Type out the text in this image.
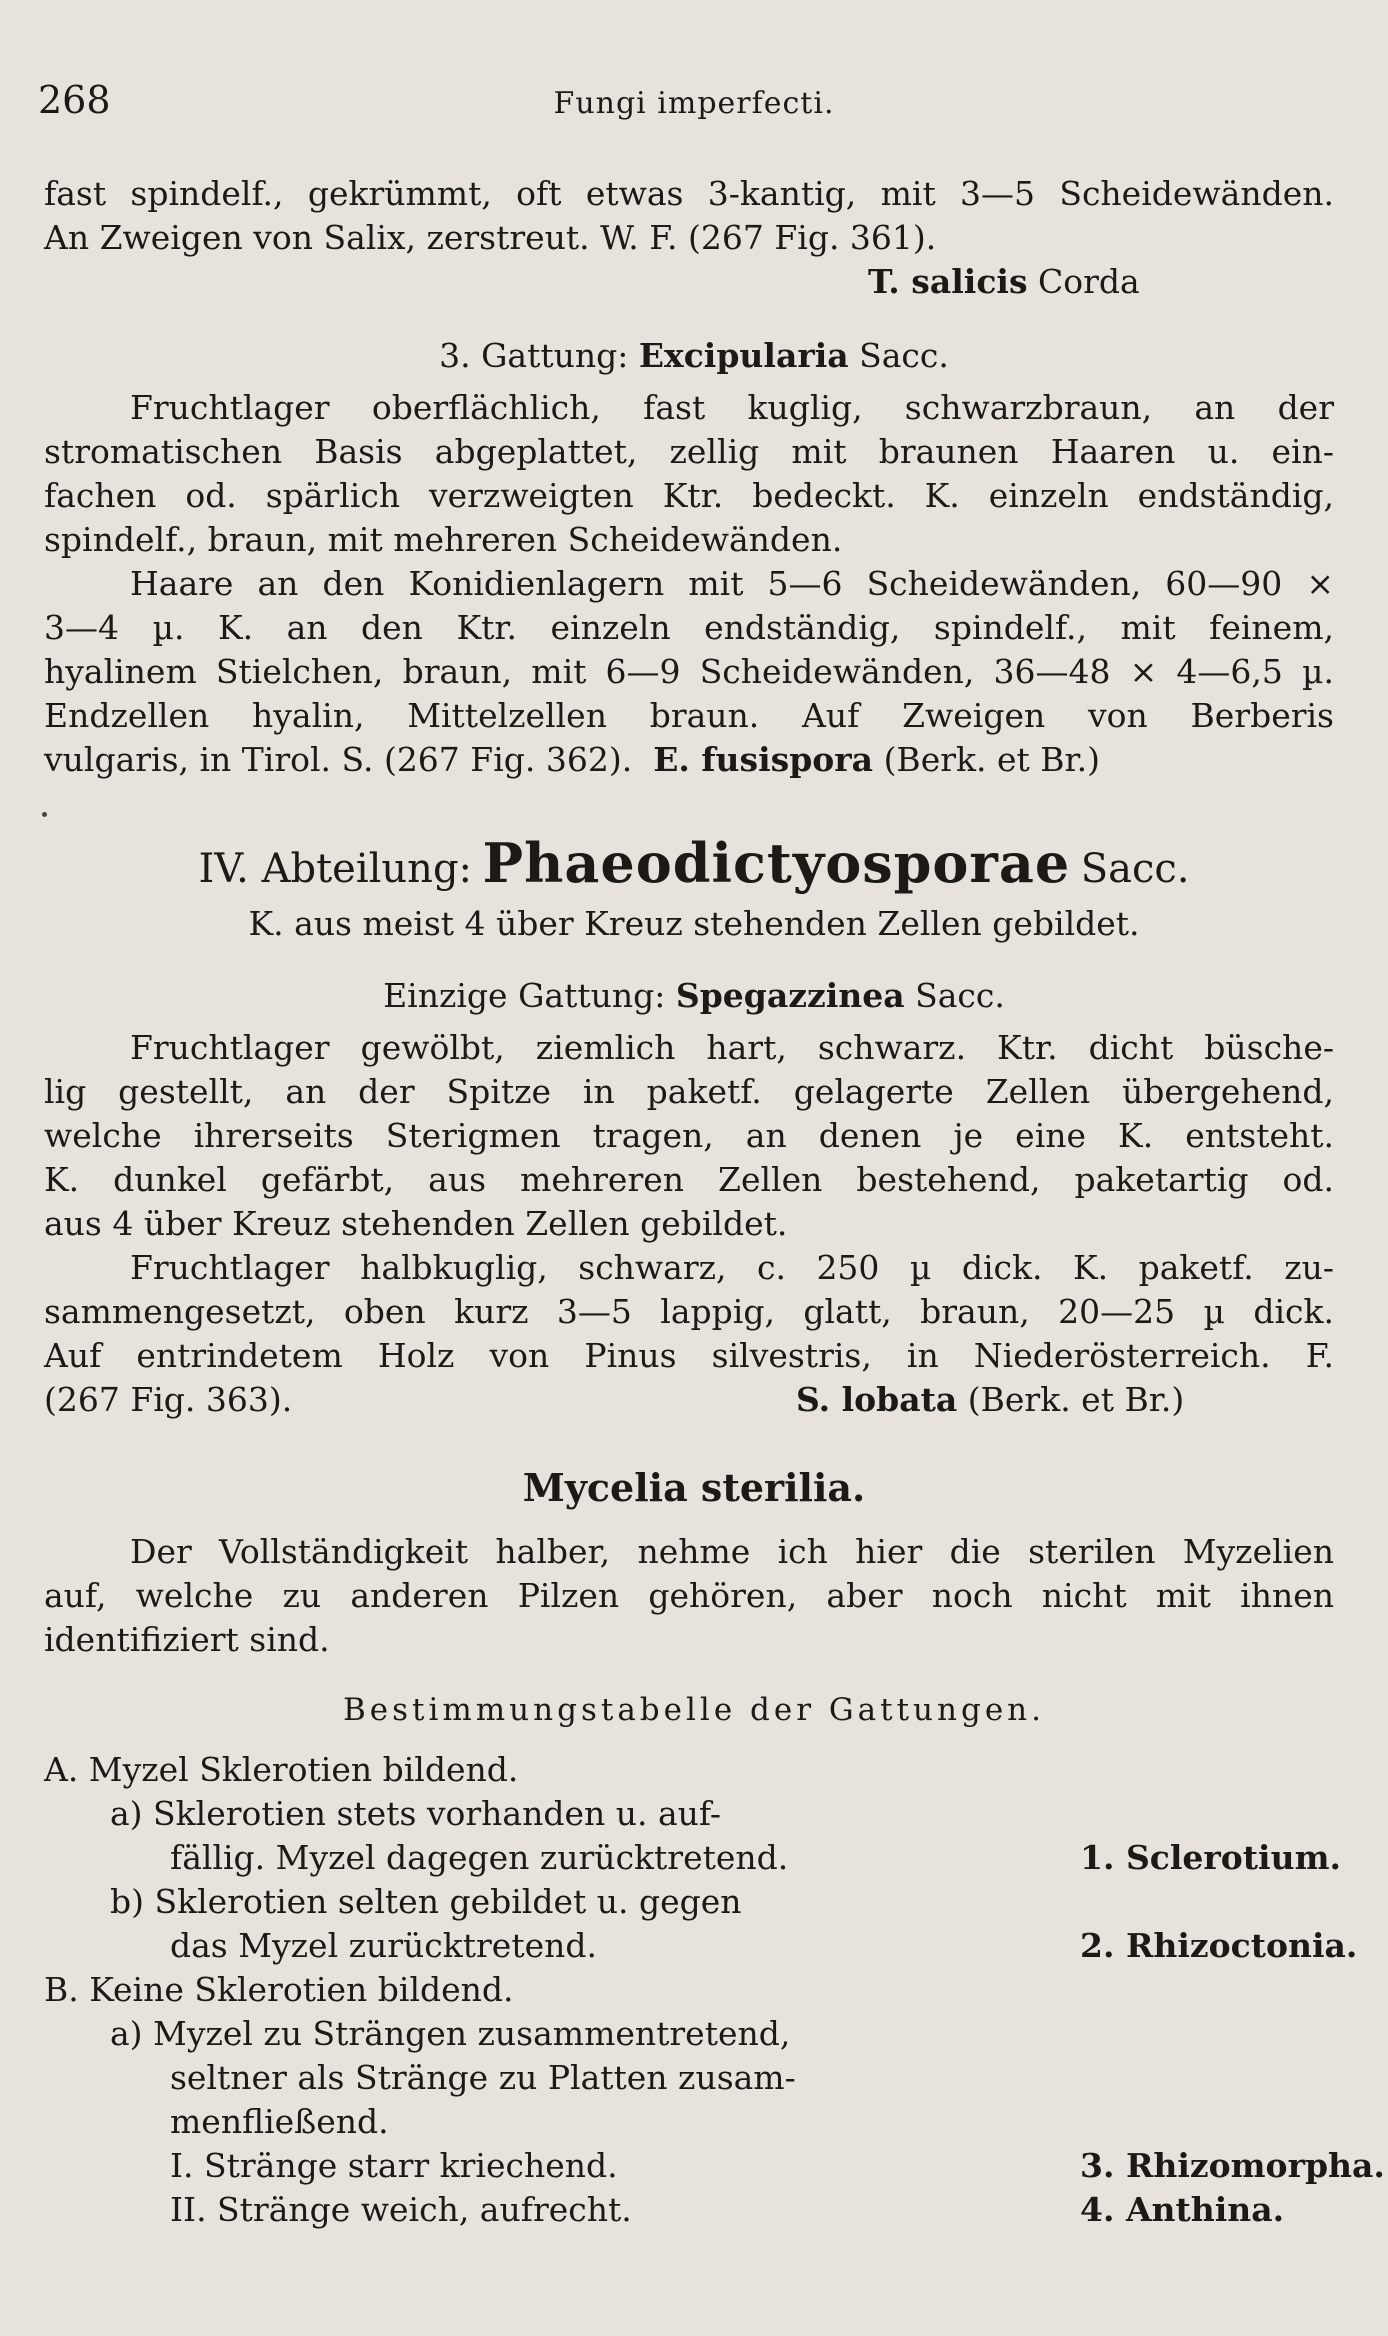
268	Fungi imperfecti.
fast spindelf., gekrümmt, oft etwas 3-kantig, mit 3—5 Scheidewänden.
An Zweigen von Salix, zerstreut. W. F. (267 Fig. 361).
T. salicis Corda
3. Gattung: Excipularia Sacc.
Fruchtlager oberflächlich, fast kuglig, schwarzbraun, an der
stromatischen Basis abgeplattet, zellig mit braunen Haaren u. ein-
fachen od. spärlich verzweigten Ktr. bedeckt. K. einzeln endständig,
spindelf., braun, mit mehreren Scheidewänden.
Haare an den Konidienlagern mit 5—6 Scheidewänden, 60—90 ×
3—4 µ. K. an den Ktr. einzeln endständig, spindelf., mit feinem,
hyalinem Stielchen, braun, mit 6—9 Scheidewänden, 36—48 × 4—6,5 µ.
Endzellen hyalin, Mittelzellen braun. Auf Zweigen von Berberis
vulgaris, in Tirol. S. (267 Fig. 362). E. fusispora (Berk. et Br.)
IV. Abteilung: Phaeodictyosporae Sacc.
K. aus meist 4 über Kreuz stehenden Zellen gebildet.
Einzige Gattung: Spegazzinea Sacc.
Fruchtlager gewölbt, ziemlich hart, schwarz. Ktr. dicht büsche-
lig gestellt, an der Spitze in paketf. gelagerte Zellen übergehend,
welche ihrerseits Sterigmen tragen, an denen je eine K. entsteht.
K. dunkel gefärbt, aus mehreren Zellen bestehend, paketartig od.
aus 4 über Kreuz stehenden Zellen gebildet.
Fruchtlager halbkuglig, schwarz, c. 250 µ dick. K. paketf. zu-
sammengesetzt, oben kurz 3—5 lappig, glatt, braun, 20—25 µ dick.
Auf entrindetem Holz von Pinus silvestris, in Niederösterreich. F.
(267 Fig. 363).	S. lobata (Berk. et Br.)
Mycelia sterilia.
Der Vollständigkeit halber, nehme ich hier die sterilen Myzelien
auf, welche zu anderen Pilzen gehören, aber noch nicht mit ihnen
identifiziert sind.
Bestimmungstabelle der Gattungen.
A. Myzel Sklerotien bildend.
a) Sklerotien stets vorhanden u. auf-
fällig. Myzel dagegen zurücktretend.	1. Sclerotium.
b) Sklerotien selten gebildet u. gegen
das Myzel zurücktretend.	2. Rhizoctonia.
B. Keine Sklerotien bildend.
a) Myzel zu Strängen zusammentretend,
seltner als Stränge zu Platten zusam-
menfließend.
I. Stränge starr kriechend.	3. Rhizomorpha.
II. Stränge weich, aufrecht.	4. Anthina.
